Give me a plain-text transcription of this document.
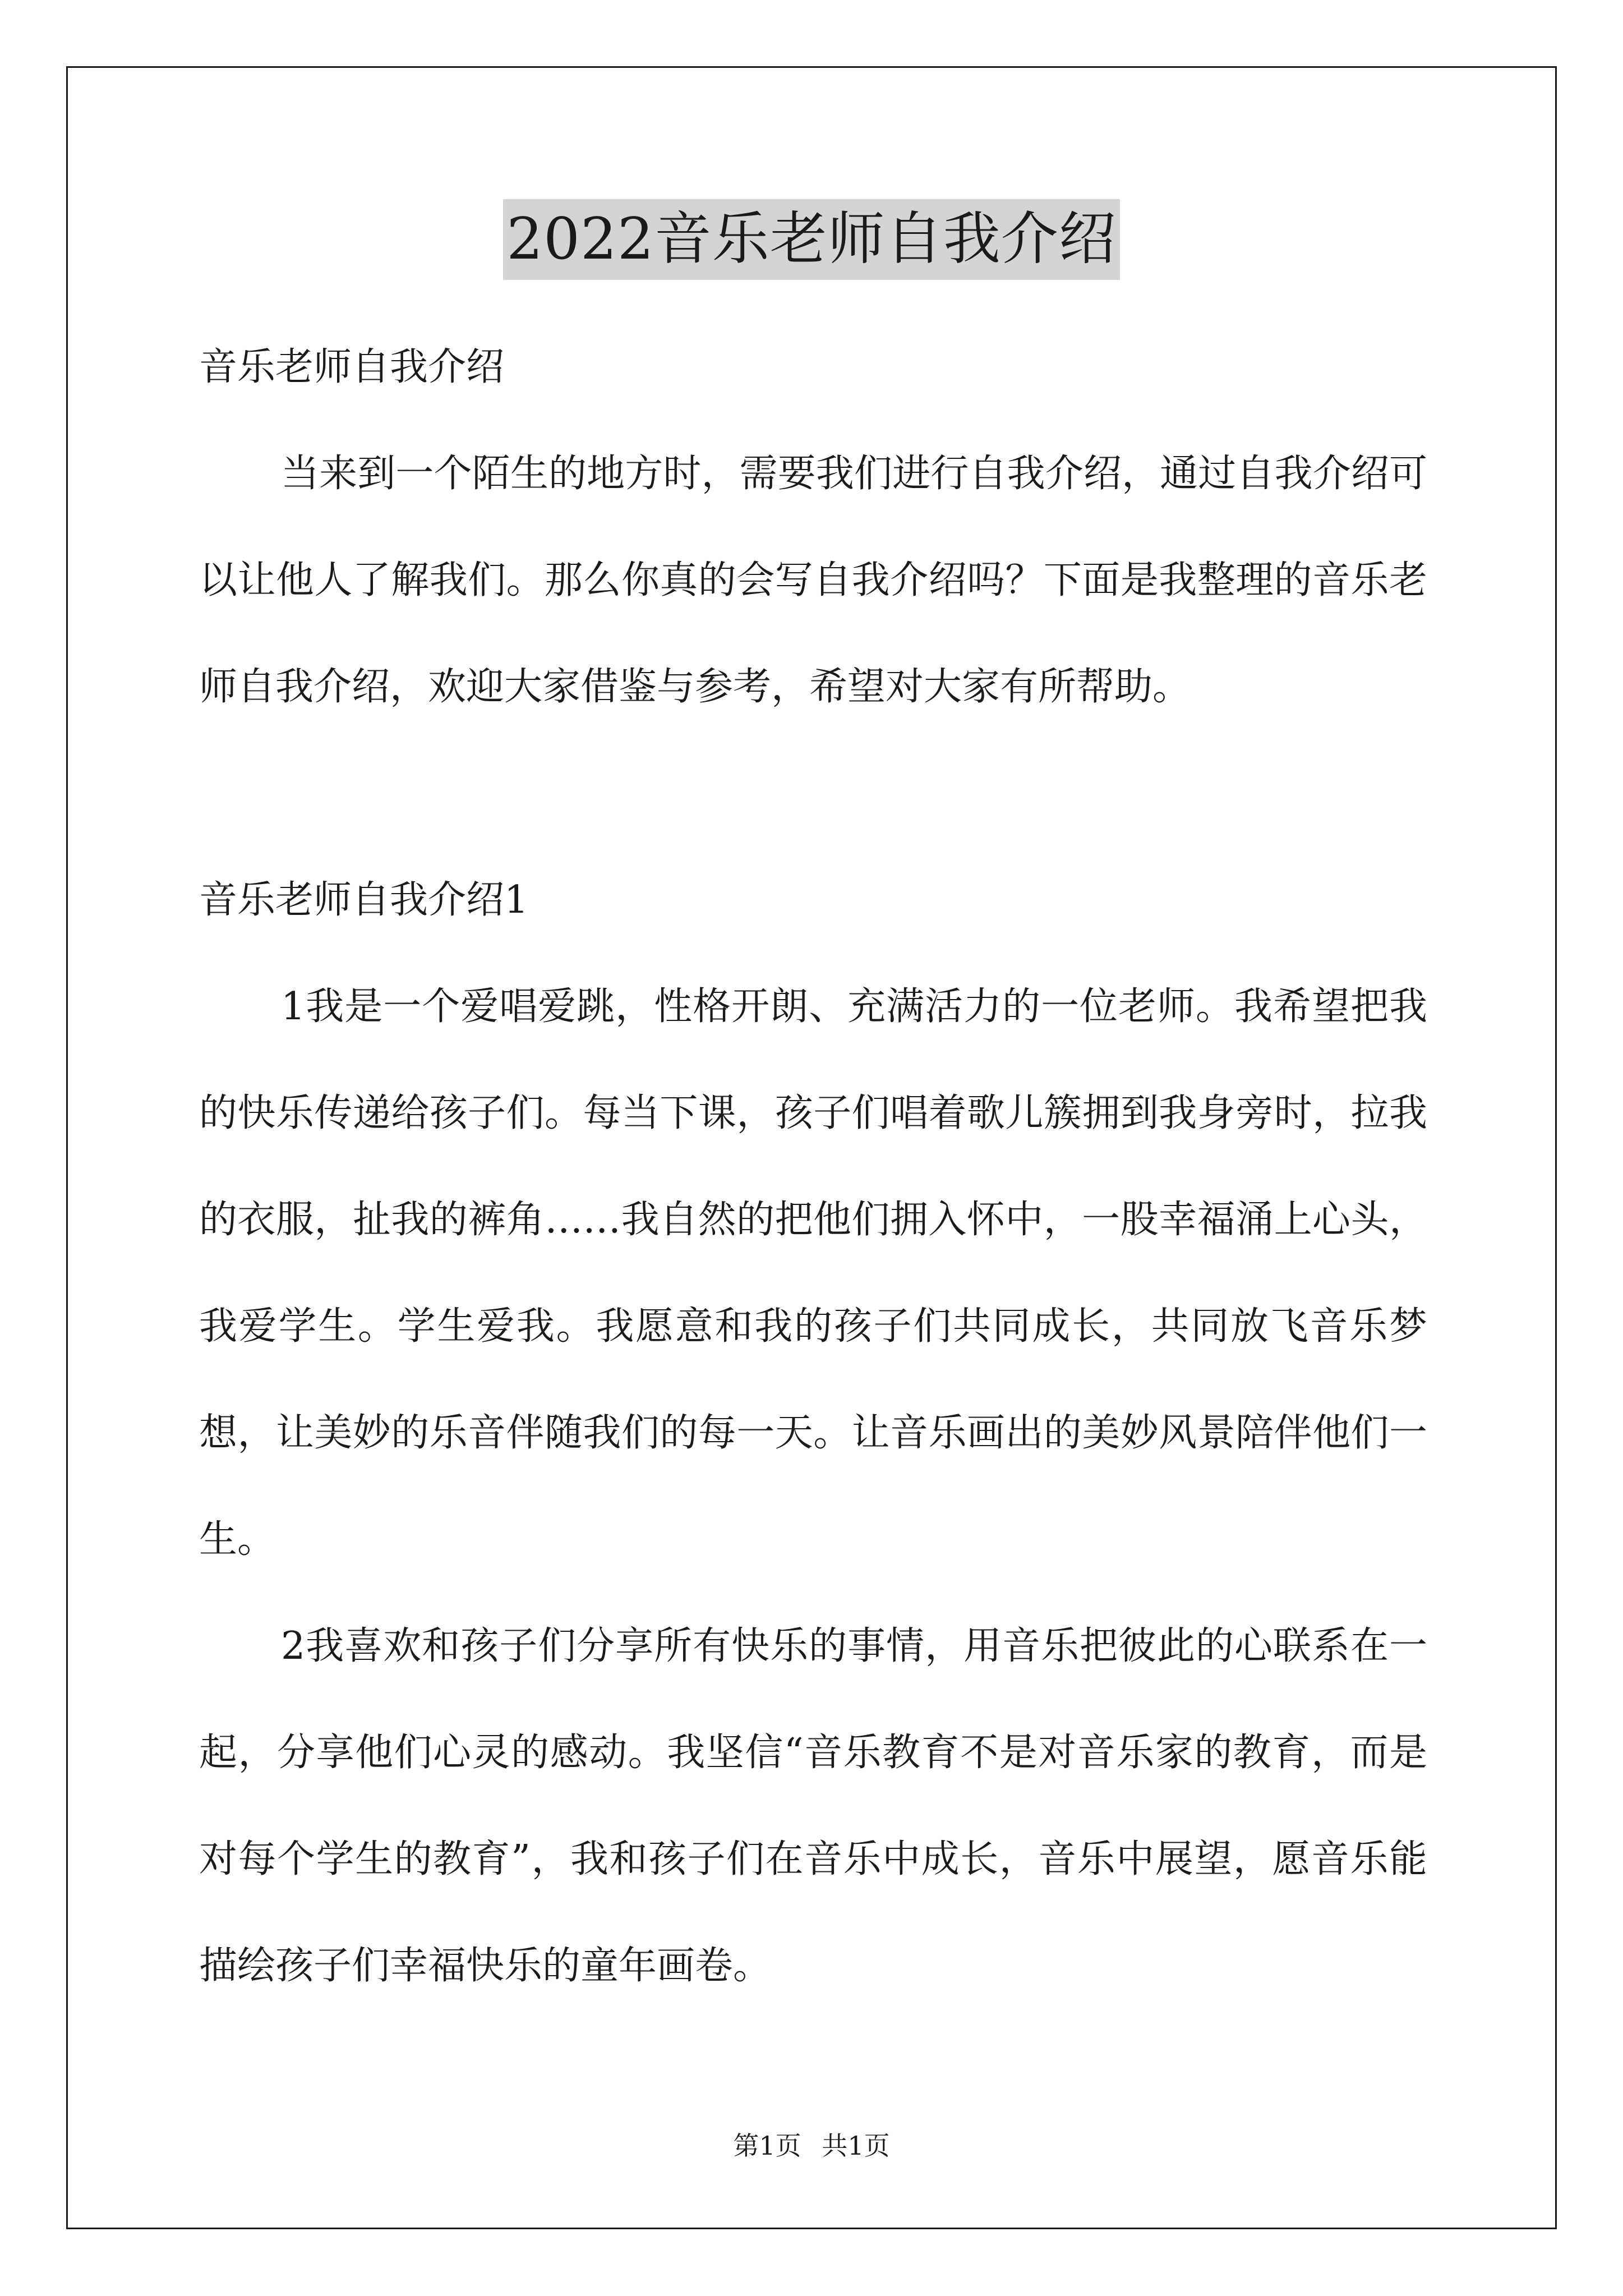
2022音乐老师自我介绍

音乐老师自我介绍

当来到一个陌生的地方时，需要我们进行自我介绍，通过自我介绍可以让他人了解我们。那么你真的会写自我介绍吗？下面是我整理的音乐老师自我介绍，欢迎大家借鉴与参考，希望对大家有所帮助。

音乐老师自我介绍1

1我是一个爱唱爱跳，性格开朗、充满活力的一位老师。我希望把我的快乐传递给孩子们。每当下课，孩子们唱着歌儿簇拥到我身旁时，拉我的衣服，扯我的裤角……我自然的把他们拥入怀中，一股幸福涌上心头，我爱学生。学生爱我。我愿意和我的孩子们共同成长，共同放飞音乐梦想，让美妙的乐音伴随我们的每一天。让音乐画出的美妙风景陪伴他们一生。

2我喜欢和孩子们分享所有快乐的事情，用音乐把彼此的心联系在一起，分享他们心灵的感动。我坚信“音乐教育不是对音乐家的教育，而是对每个学生的教育”，我和孩子们在音乐中成长，音乐中展望，愿音乐能描绘孩子们幸福快乐的童年画卷。

第1页 共1页
